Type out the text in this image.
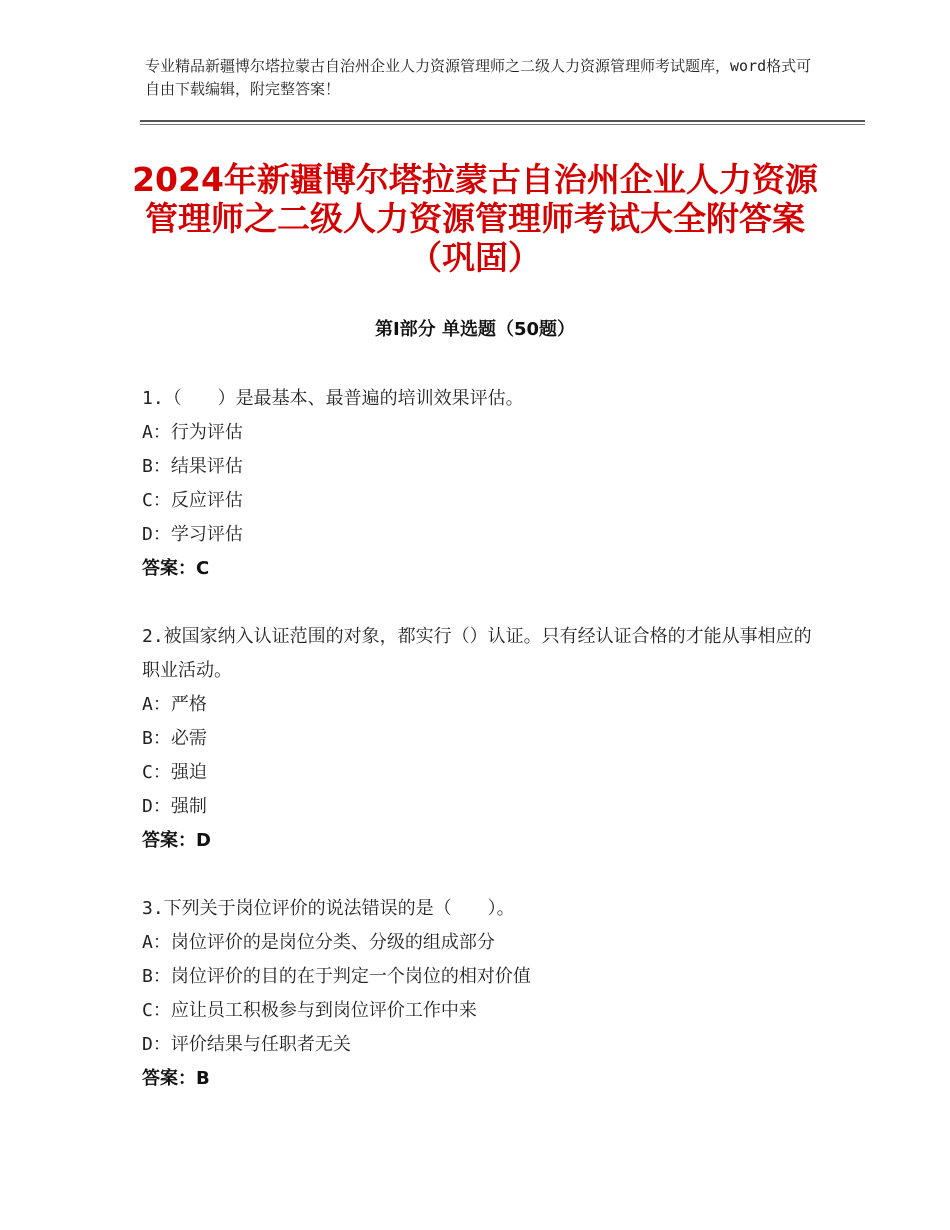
专业精品新疆博尔塔拉蒙古自治州企业人力资源管理师之二级人力资源管理师考试题库，word格式可自由下载编辑，附完整答案！
2024年新疆博尔塔拉蒙古自治州企业人力资源管理师之二级人力资源管理师考试大全附答案（巩固）
第Ⅰ部分 单选题（50题）
1.（　　）是最基本、最普遍的培训效果评估。
A：行为评估
B：结果评估
C：反应评估
D：学习评估
答案：C
2.被国家纳入认证范围的对象，都实行（）认证。只有经认证合格的才能从事相应的职业活动。
A：严格
B：必需
C：强迫
D：强制
答案：D
3.下列关于岗位评价的说法错误的是（　　）。
A：岗位评价的是岗位分类、分级的组成部分
B：岗位评价的目的在于判定一个岗位的相对价值
C：应让员工积极参与到岗位评价工作中来
D：评价结果与任职者无关
答案：B
